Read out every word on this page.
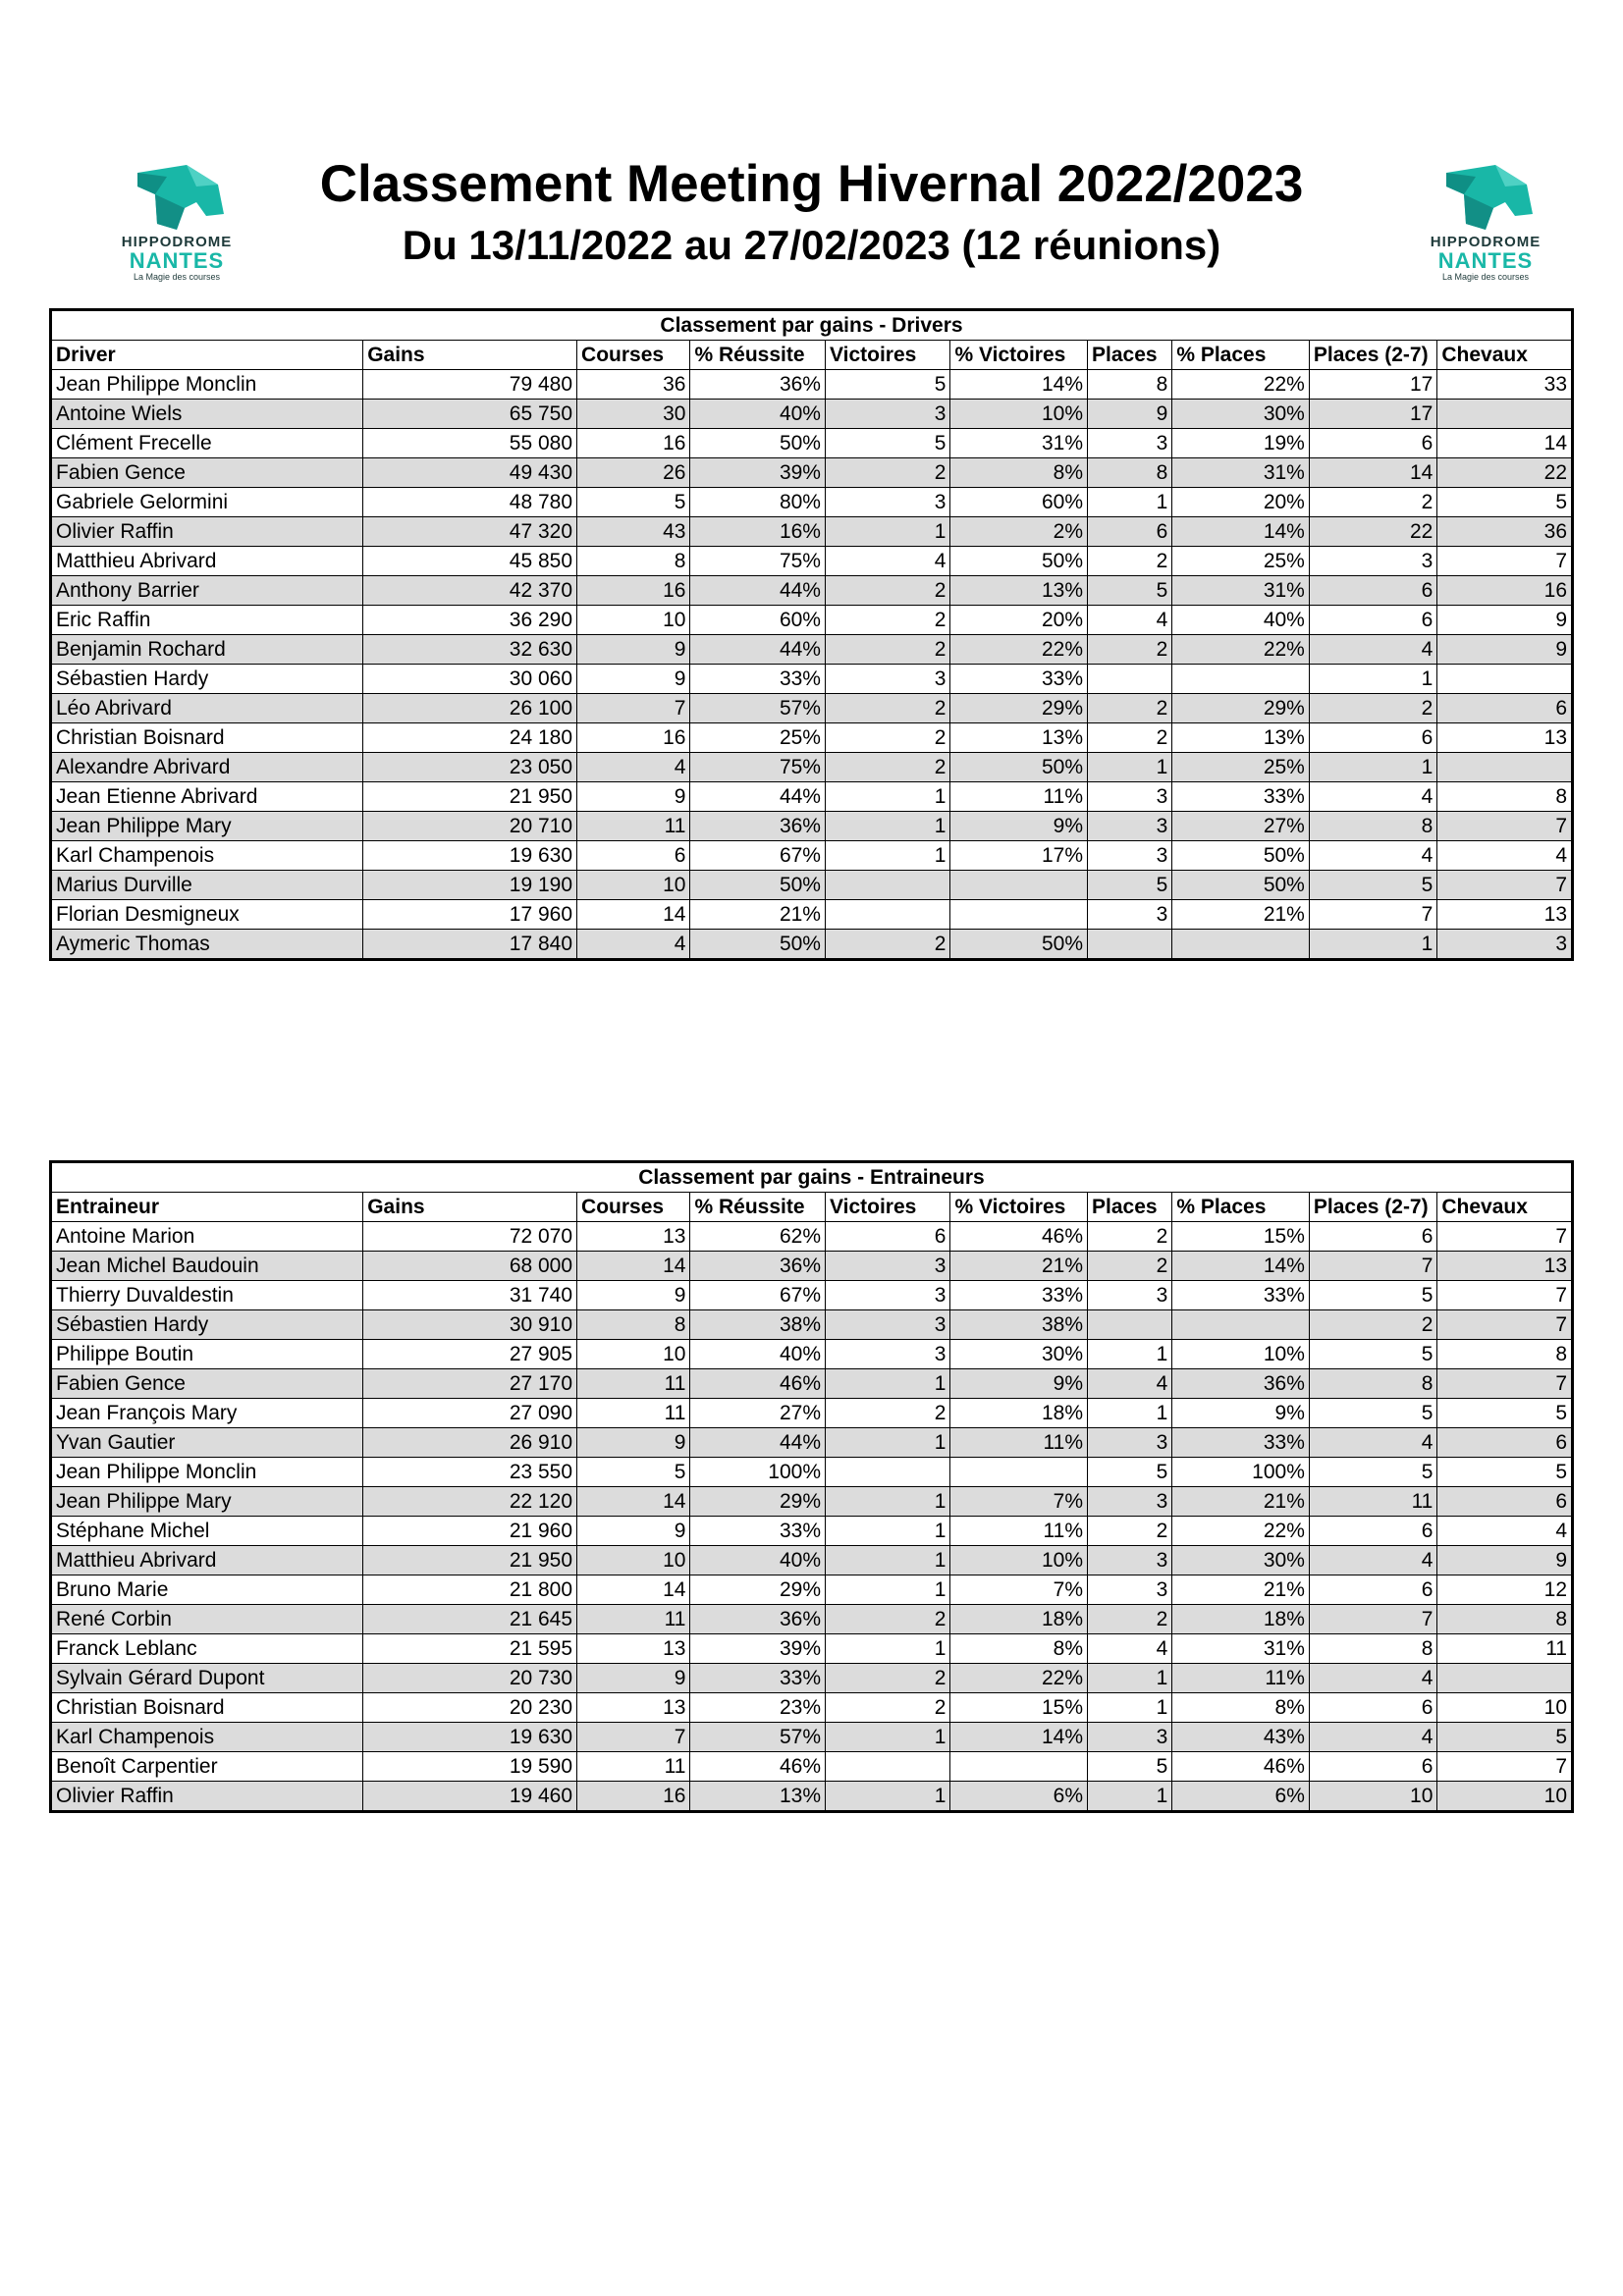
HIPPODROME
NANTES
La Magie des courses
HIPPODROME
NANTES
La Magie des courses
Classement Meeting Hivernal 2022/2023
Du 13/11/2022 au 27/02/2023 (12 réunions)
Classement par gains - Drivers									
Driver	Gains	Courses	% Réussite	Victoires	% Victoires	Places	% Places	Places (2-7)	Chevaux
Jean Philippe Monclin	79 480	36	36%	5	14%	8	22%	17	33
Antoine Wiels	65 750	30	40%	3	10%	9	30%	17	
Clément Frecelle	55 080	16	50%	5	31%	3	19%	6	14
Fabien Gence	49 430	26	39%	2	8%	8	31%	14	22
Gabriele Gelormini	48 780	5	80%	3	60%	1	20%	2	5
Olivier Raffin	47 320	43	16%	1	2%	6	14%	22	36
Matthieu Abrivard	45 850	8	75%	4	50%	2	25%	3	7
Anthony Barrier	42 370	16	44%	2	13%	5	31%	6	16
Eric Raffin	36 290	10	60%	2	20%	4	40%	6	9
Benjamin Rochard	32 630	9	44%	2	22%	2	22%	4	9
Sébastien Hardy	30 060	9	33%	3	33%			1	
Léo Abrivard	26 100	7	57%	2	29%	2	29%	2	6
Christian Boisnard	24 180	16	25%	2	13%	2	13%	6	13
Alexandre Abrivard	23 050	4	75%	2	50%	1	25%	1	
Jean Etienne Abrivard	21 950	9	44%	1	11%	3	33%	4	8
Jean Philippe Mary	20 710	11	36%	1	9%	3	27%	8	7
Karl Champenois	19 630	6	67%	1	17%	3	50%	4	4
Marius Durville	19 190	10	50%			5	50%	5	7
Florian Desmigneux	17 960	14	21%			3	21%	7	13
Aymeric Thomas	17 840	4	50%	2	50%			1	3
Classement par gains - Entraineurs									
Entraineur	Gains	Courses	% Réussite	Victoires	% Victoires	Places	% Places	Places (2-7)	Chevaux
Antoine Marion	72 070	13	62%	6	46%	2	15%	6	7
Jean Michel Baudouin	68 000	14	36%	3	21%	2	14%	7	13
Thierry Duvaldestin	31 740	9	67%	3	33%	3	33%	5	7
Sébastien Hardy	30 910	8	38%	3	38%			2	7
Philippe Boutin	27 905	10	40%	3	30%	1	10%	5	8
Fabien Gence	27 170	11	46%	1	9%	4	36%	8	7
Jean François Mary	27 090	11	27%	2	18%	1	9%	5	5
Yvan Gautier	26 910	9	44%	1	11%	3	33%	4	6
Jean Philippe Monclin	23 550	5	100%			5	100%	5	5
Jean Philippe Mary	22 120	14	29%	1	7%	3	21%	11	6
Stéphane Michel	21 960	9	33%	1	11%	2	22%	6	4
Matthieu Abrivard	21 950	10	40%	1	10%	3	30%	4	9
Bruno Marie	21 800	14	29%	1	7%	3	21%	6	12
René Corbin	21 645	11	36%	2	18%	2	18%	7	8
Franck Leblanc	21 595	13	39%	1	8%	4	31%	8	11
Sylvain Gérard Dupont	20 730	9	33%	2	22%	1	11%	4	
Christian Boisnard	20 230	13	23%	2	15%	1	8%	6	10
Karl Champenois	19 630	7	57%	1	14%	3	43%	4	5
Benoît Carpentier	19 590	11	46%			5	46%	6	7
Olivier Raffin	19 460	16	13%	1	6%	1	6%	10	10
